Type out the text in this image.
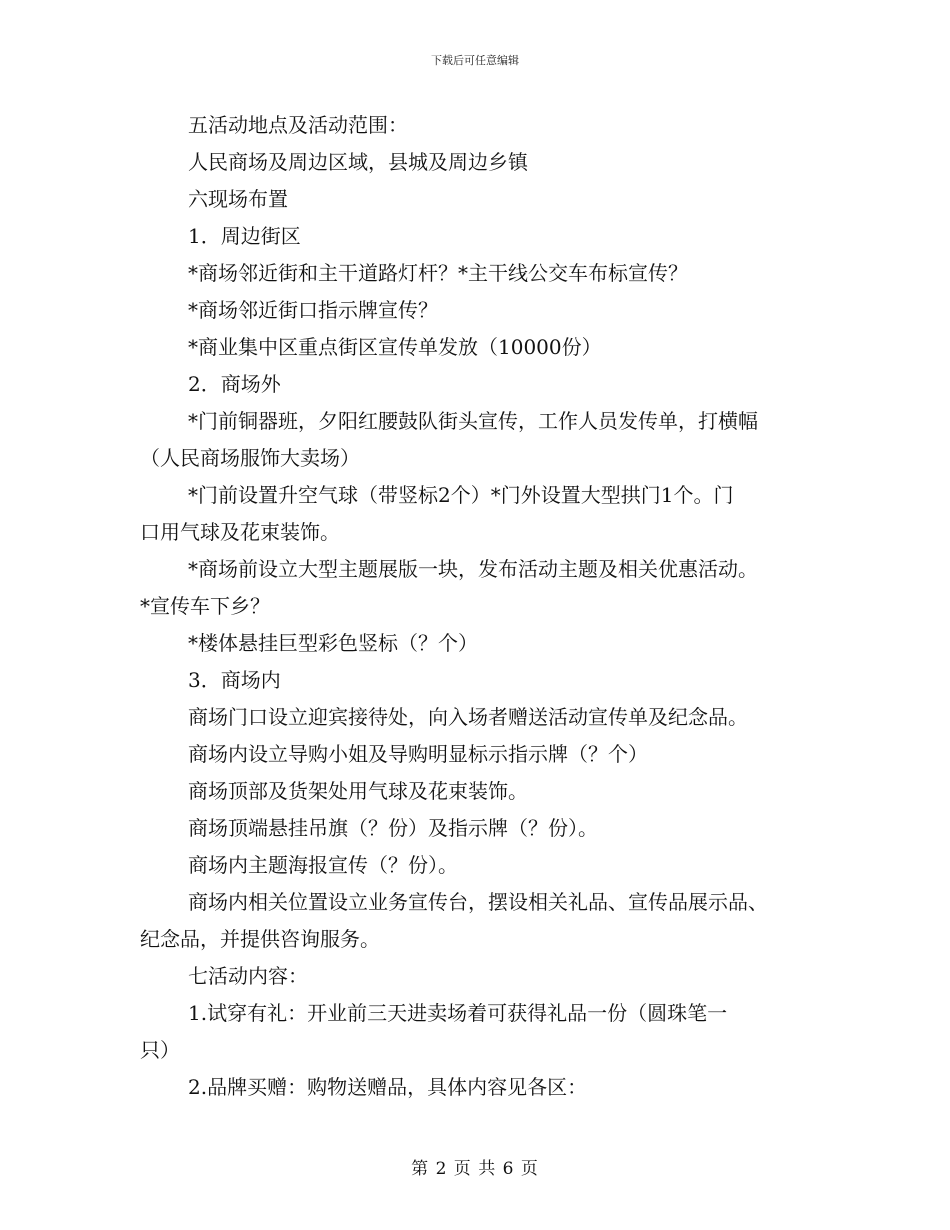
下载后可任意编辑

五活动地点及活动范围：

人民商场及周边区域，县城及周边乡镇

六现场布置

1．周边街区

*商场邻近街和主干道路灯杆？*主干线公交车布标宣传？

*商场邻近街口指示牌宣传？

*商业集中区重点街区宣传单发放（10000份）

2．商场外

*门前铜器班，夕阳红腰鼓队街头宣传，工作人员发传单，打横幅

（人民商场服饰大卖场）

*门前设置升空气球（带竖标2个）*门外设置大型拱门1个。门

口用气球及花束装饰。

*商场前设立大型主题展版一块，发布活动主题及相关优惠活动。

*宣传车下乡？

*楼体悬挂巨型彩色竖标（？个）

3．商场内

商场门口设立迎宾接待处，向入场者赠送活动宣传单及纪念品。

商场内设立导购小姐及导购明显标示指示牌（？个）

商场顶部及货架处用气球及花束装饰。

商场顶端悬挂吊旗（？份）及指示牌（？份）。

商场内主题海报宣传（？份）。

商场内相关位置设立业务宣传台，摆设相关礼品、宣传品展示品、

纪念品，并提供咨询服务。

七活动内容：

1.试穿有礼：开业前三天进卖场着可获得礼品一份（圆珠笔一

只）

2.品牌买赠：购物送赠品，具体内容见各区：

第 2 页 共 6 页
